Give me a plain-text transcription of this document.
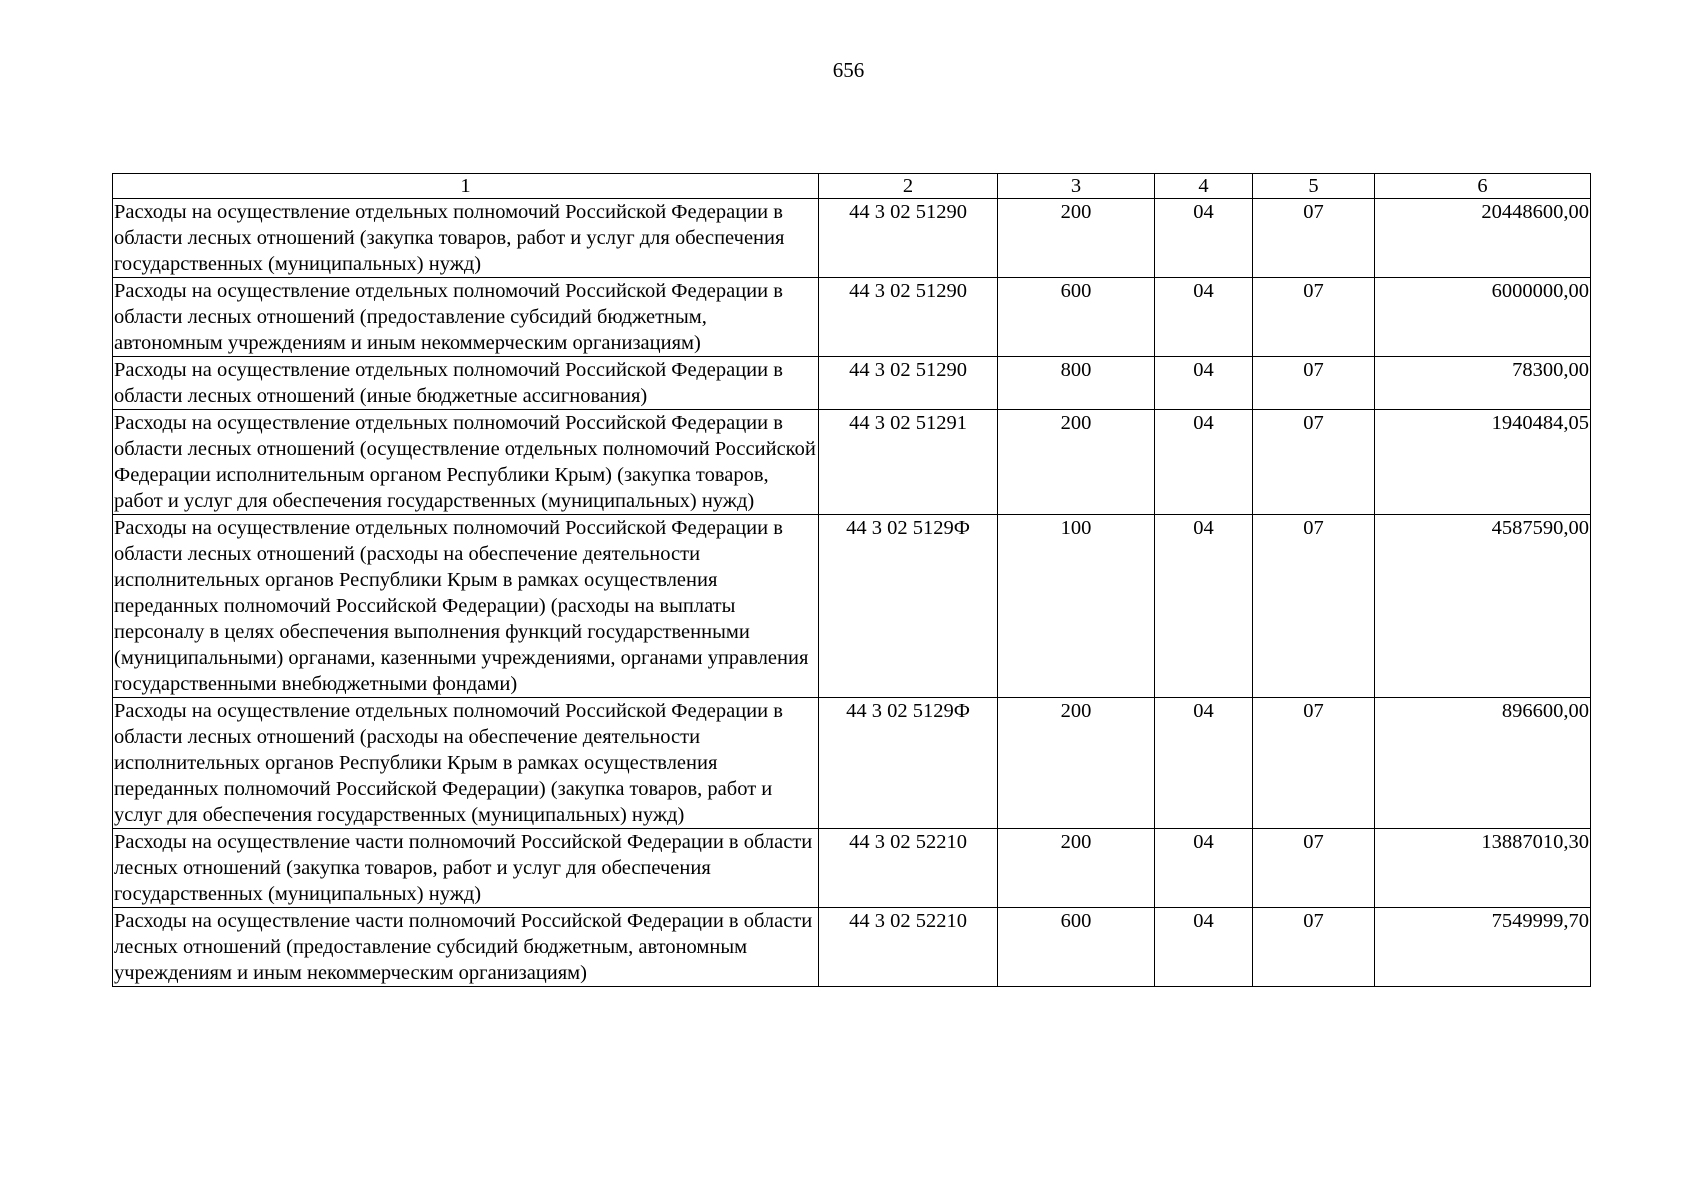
656
1	2	3	4	5	6
Расходы на осуществление отдельных полномочий Российской Федерации в области лесных отношений (закупка товаров, работ и услуг для обеспечения государственных (муниципальных) нужд)	44 3 02 51290	200	04	07	20448600,00
Расходы на осуществление отдельных полномочий Российской Федерации в области лесных отношений (предоставление субсидий бюджетным, автономным учреждениям и иным некоммерческим организациям)	44 3 02 51290	600	04	07	6000000,00
Расходы на осуществление отдельных полномочий Российской Федерации в области лесных отношений (иные бюджетные ассигнования)	44 3 02 51290	800	04	07	78300,00
Расходы на осуществление отдельных полномочий Российской Федерации в области лесных отношений (осуществление отдельных полномочий Российской Федерации исполнительным органом Республики Крым) (закупка товаров, работ и услуг для обеспечения государственных (муниципальных) нужд)	44 3 02 51291	200	04	07	1940484,05
Расходы на осуществление отдельных полномочий Российской Федерации в области лесных отношений (расходы на обеспечение деятельности исполнительных органов Республики Крым в рамках осуществления переданных полномочий Российской Федерации) (расходы на выплаты персоналу в целях обеспечения выполнения функций государственными (муниципальными) органами, казенными учреждениями, органами управления государственными внебюджетными фондами)	44 3 02 5129Ф	100	04	07	4587590,00
Расходы на осуществление отдельных полномочий Российской Федерации в области лесных отношений (расходы на обеспечение деятельности исполнительных органов Республики Крым в рамках осуществления переданных полномочий Российской Федерации) (закупка товаров, работ и услуг для обеспечения государственных (муниципальных) нужд)	44 3 02 5129Ф	200	04	07	896600,00
Расходы на осуществление части полномочий Российской Федерации в области лесных отношений (закупка товаров, работ и услуг для обеспечения государственных (муниципальных) нужд)	44 3 02 52210	200	04	07	13887010,30
Расходы на осуществление части полномочий Российской Федерации в области лесных отношений (предоставление субсидий бюджетным, автономным учреждениям и иным некоммерческим организациям)	44 3 02 52210	600	04	07	7549999,70
